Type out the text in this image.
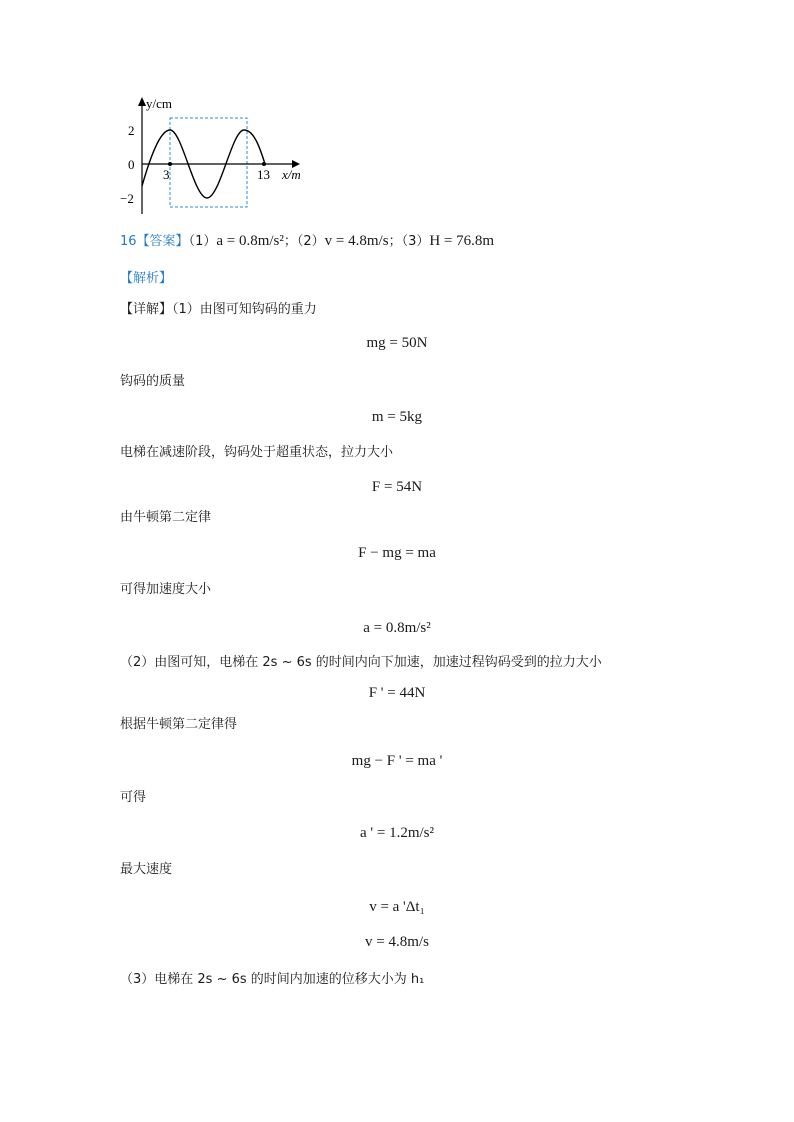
y/cm
2
0
−2
3	13 x/m
16【答案】（1）a = 0.8m/s²；（2）v = 4.8m/s；（3）H = 76.8m
【解析】
【详解】（1）由图可知钩码的重力
mg = 50N
钩码的质量
m = 5kg
电梯在减速阶段，钩码处于超重状态，拉力大小
F = 54N
由牛顿第二定律
F − mg = ma
可得加速度大小
a = 0.8m/s²
（2）由图可知，电梯在 2s ~ 6s 的时间内向下加速，加速过程钩码受到的拉力大小
F ' = 44N
根据牛顿第二定律得
mg − F ' = ma '
可得
a ' = 1.2m/s²
最大速度
v = a 'Δt₁
v = 4.8m/s
（3）电梯在 2s ~ 6s 的时间内加速的位移大小为 h₁
